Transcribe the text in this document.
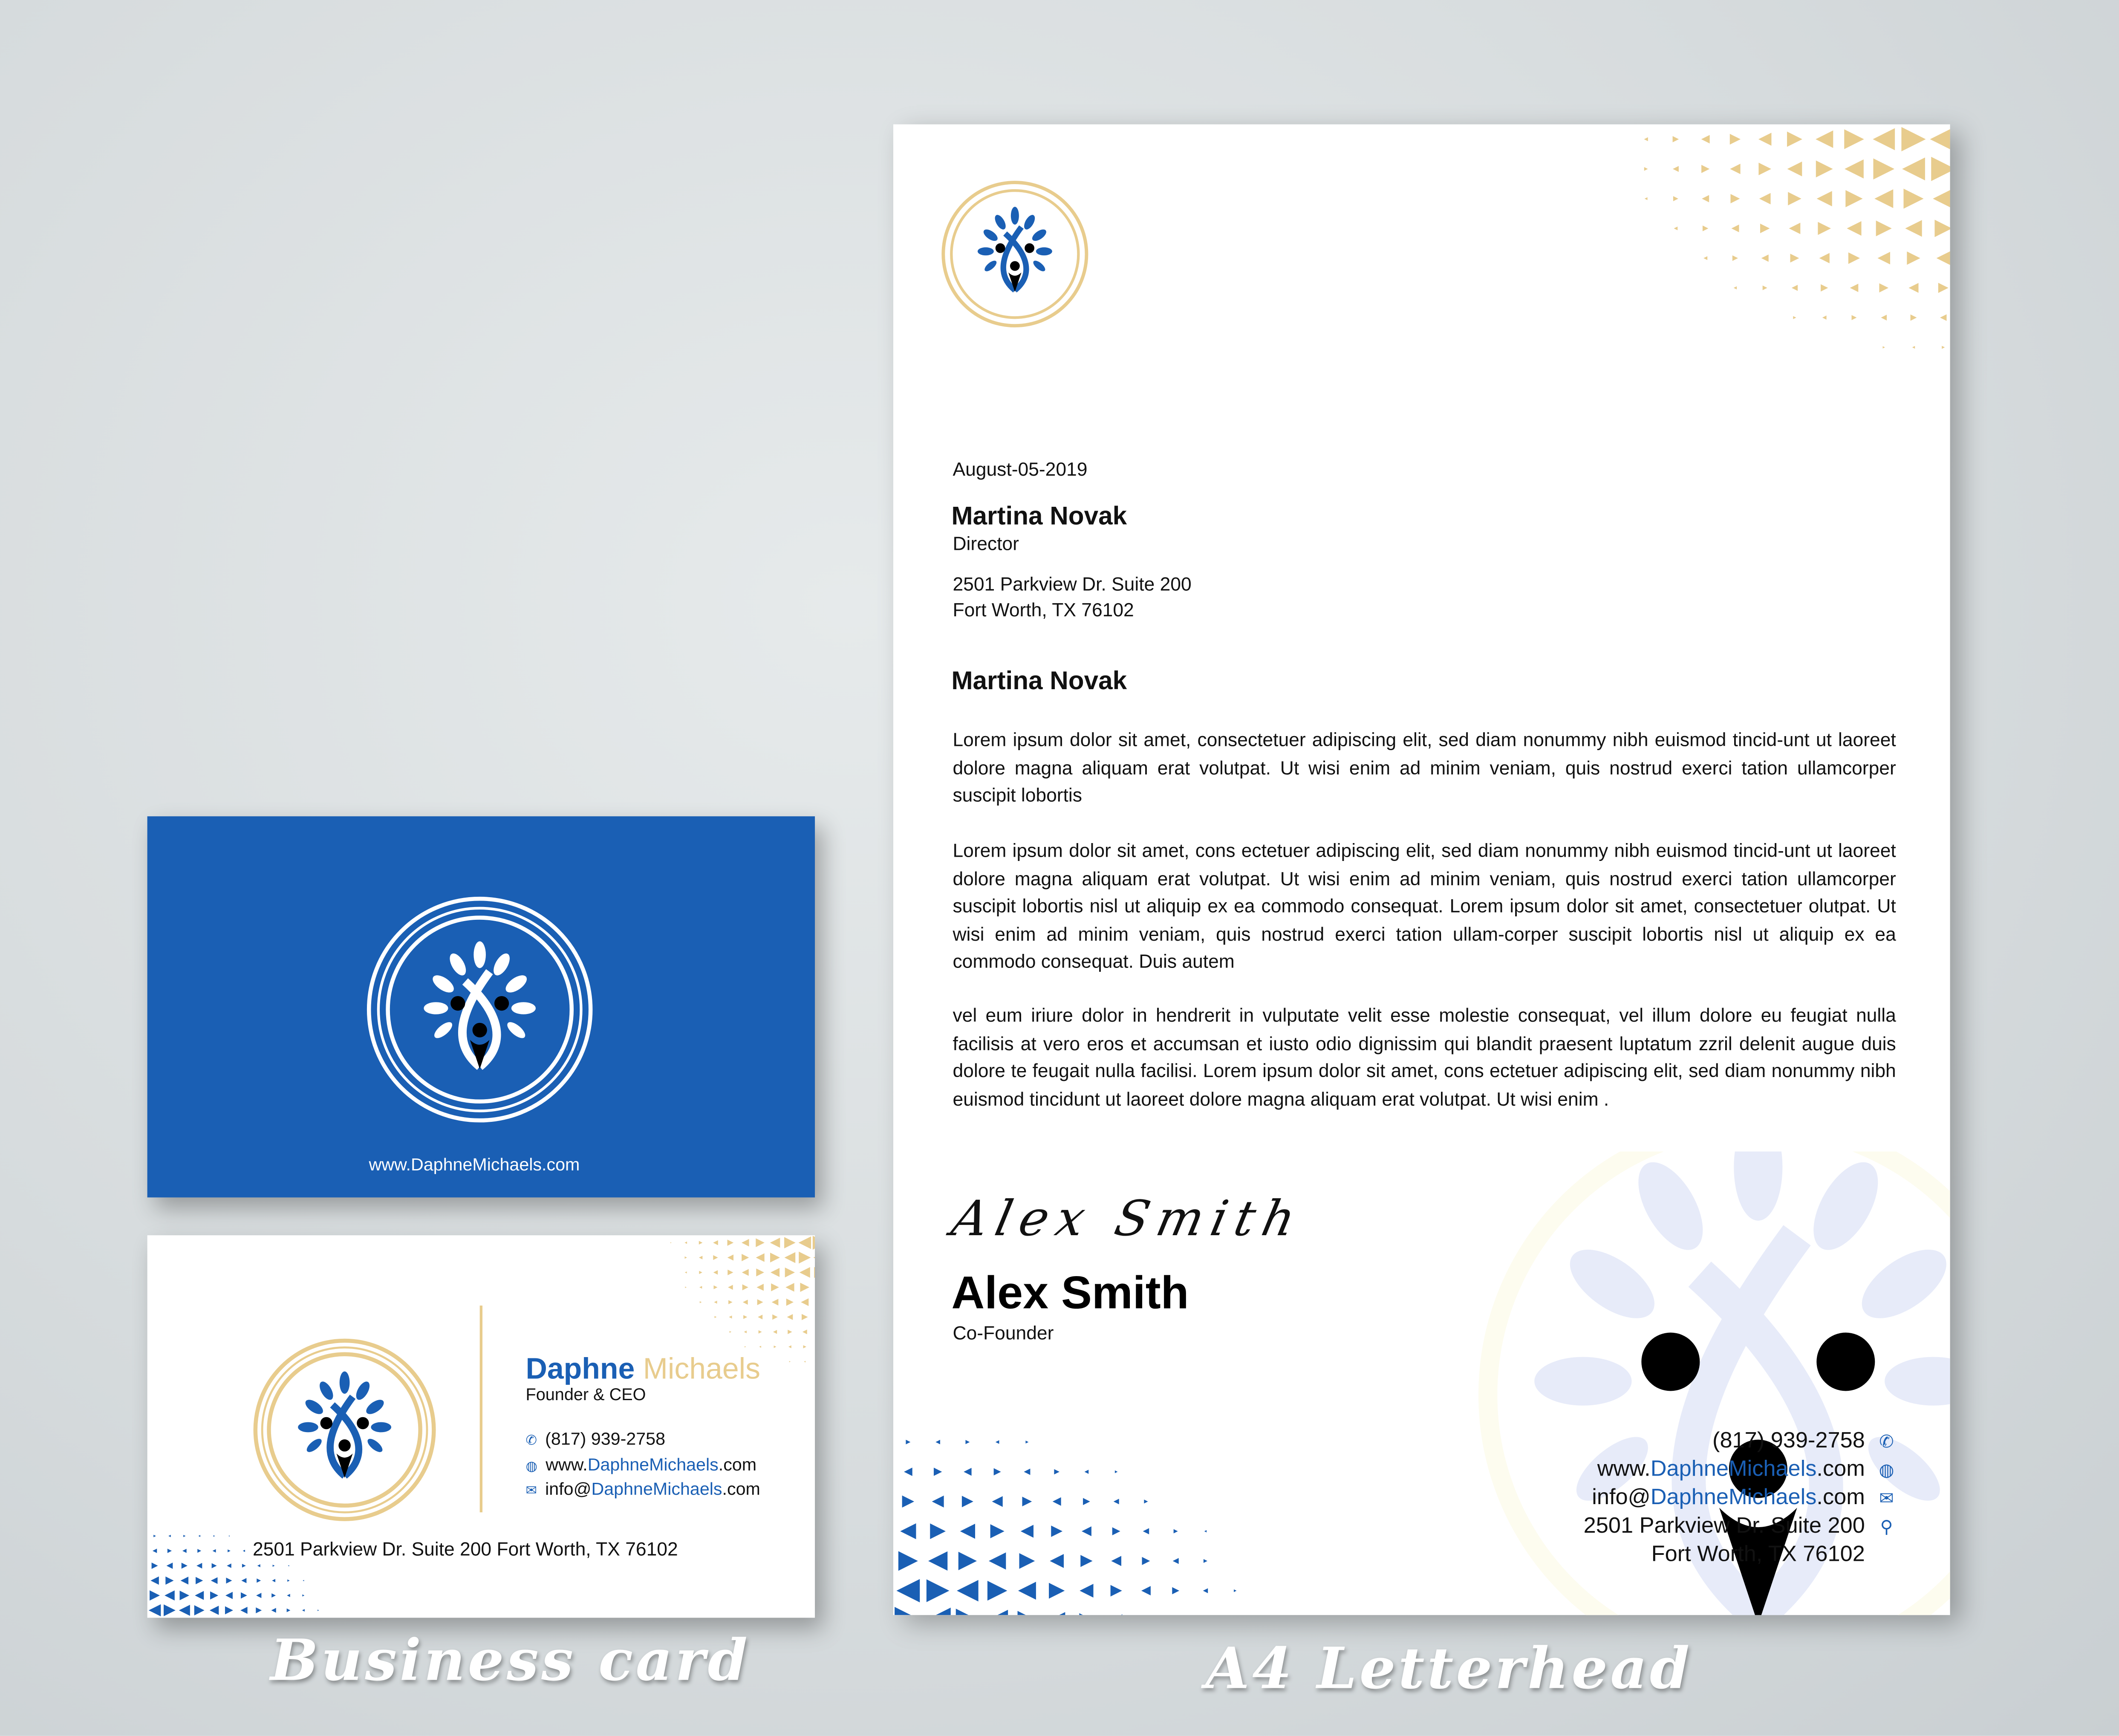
August-05-2019
Martina Novak
Director
2501 Parkview Dr. Suite 200
Fort Worth, TX 76102
Martina Novak
Lorem ipsum dolor sit amet, consectetuer adipiscing elit, sed diam nonummy nibh euismod tincid-unt ut laoreet dolore magna aliquam erat volutpat. Ut wisi enim ad minim veniam, quis nostrud exerci tation ullamcorper suscipit lobortis
Lorem ipsum dolor sit amet, cons ectetuer adipiscing elit, sed diam nonummy nibh euismod tincid-unt ut laoreet dolore magna aliquam erat volutpat. Ut wisi enim ad minim veniam, quis nostrud exerci tation ullamcorper suscipit lobortis nisl ut aliquip ex ea commodo consequat. Lorem ipsum dolor sit amet, consectetuer olutpat. Ut wisi enim ad minim veniam, quis nostrud exerci tation ullam-corper suscipit lobortis nisl ut aliquip ex ea commodo consequat. Duis autem
vel eum iriure dolor in hendrerit in vulputate velit esse molestie consequat, vel illum dolore eu feugiat nulla facilisis at vero eros et accumsan et iusto odio dignissim qui blandit praesent luptatum zzril delenit augue duis dolore te feugait nulla facilisi. Lorem ipsum dolor sit amet, cons ectetuer adipiscing elit, sed diam nonummy nibh euismod tincidunt ut laoreet dolore magna aliquam erat volutpat. Ut wisi enim .
Alex Smith
Alex Smith
Co-Founder
(817) 939-2758	✆
www.DaphneMichaels.com	◍
info@DaphneMichaels.com	✉
2501 Parkview Dr. Suite 200	⚲
Fort Worth, TX 76102
www.DaphneMichaels.com
Daphne Michaels
Founder & CEO
✆ (817) 939-2758
◍ www.DaphneMichaels.com
✉ info@DaphneMichaels.com
2501 Parkview Dr. Suite 200 Fort Worth, TX 76102
Business card	A4 Letterhead
